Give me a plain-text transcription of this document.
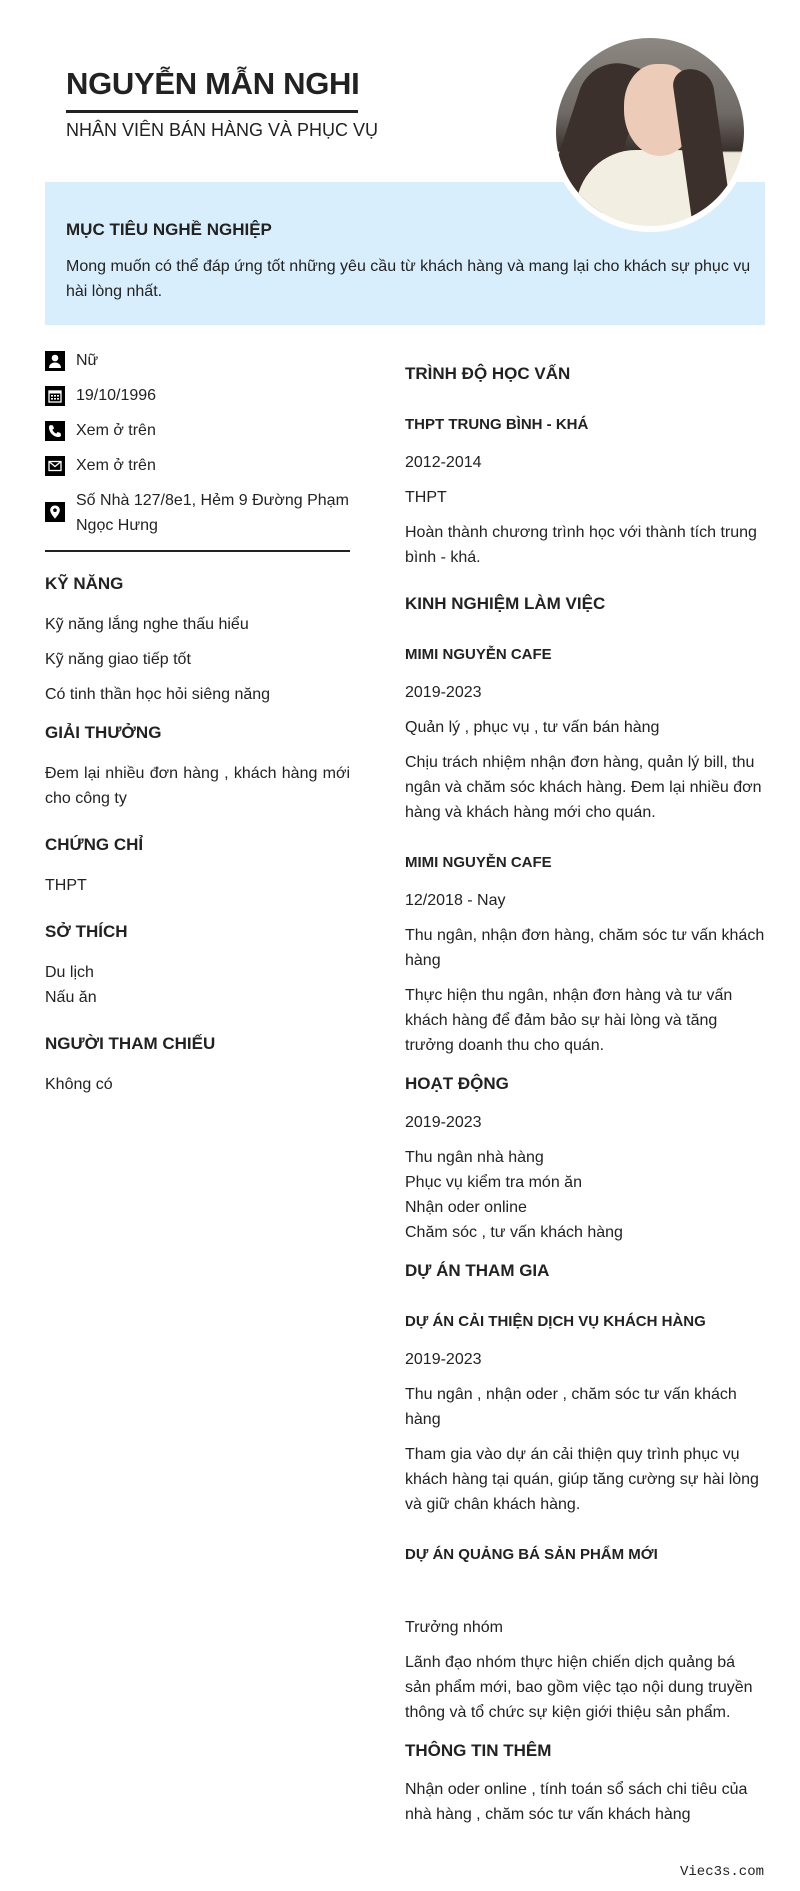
NGUYỄN MẪN NGHI
NHÂN VIÊN BÁN HÀNG VÀ PHỤC VỤ
MỤC TIÊU NGHỀ NGHIỆP
Mong muốn có thể đáp ứng tốt những yêu cầu từ khách hàng và mang lại cho khách sự phục vụ hài lòng nhất.
Nữ
19/10/1996
Xem ở trên
Xem ở trên
Số Nhà 127/8e1, Hẻm 9 Đường Phạm Ngọc Hưng
KỸ NĂNG
Kỹ năng lắng nghe thấu hiểu
Kỹ năng giao tiếp tốt
Có tinh thần học hỏi siêng năng
GIẢI THƯỞNG
Đem lại nhiều đơn hàng , khách hàng mới cho công ty
CHỨNG CHỈ
THPT
SỞ THÍCH
Du lịch
Nấu ăn
NGƯỜI THAM CHIẾU
Không có
TRÌNH ĐỘ HỌC VẤN
THPT TRUNG BÌNH - KHÁ
2012-2014
THPT
Hoàn thành chương trình học với thành tích trung bình - khá.
KINH NGHIỆM LÀM VIỆC
MIMI NGUYỄN CAFE
2019-2023
Quản lý , phục vụ , tư vấn bán hàng
Chịu trách nhiệm nhận đơn hàng, quản lý bill, thu ngân và chăm sóc khách hàng. Đem lại nhiều đơn hàng và khách hàng mới cho quán.
MIMI NGUYỄN CAFE
12/2018 - Nay
Thu ngân, nhận đơn hàng, chăm sóc tư vấn khách hàng
Thực hiện thu ngân, nhận đơn hàng và tư vấn khách hàng để đảm bảo sự hài lòng và tăng trưởng doanh thu cho quán.
HOẠT ĐỘNG
2019-2023
Thu ngân nhà hàng
Phục vụ kiểm tra món ăn
Nhận oder online
Chăm sóc , tư vấn khách hàng
DỰ ÁN THAM GIA
DỰ ÁN CẢI THIỆN DỊCH VỤ KHÁCH HÀNG
2019-2023
Thu ngân , nhận oder , chăm sóc tư vấn khách hàng
Tham gia vào dự án cải thiện quy trình phục vụ khách hàng tại quán, giúp tăng cường sự hài lòng và giữ chân khách hàng.
DỰ ÁN QUẢNG BÁ SẢN PHẨM MỚI
Trưởng nhóm
Lãnh đạo nhóm thực hiện chiến dịch quảng bá sản phẩm mới, bao gồm việc tạo nội dung truyền thông và tổ chức sự kiện giới thiệu sản phẩm.
THÔNG TIN THÊM
Nhận oder online , tính toán sổ sách chi tiêu của nhà hàng , chăm sóc tư vấn khách hàng
Viec3s.com
